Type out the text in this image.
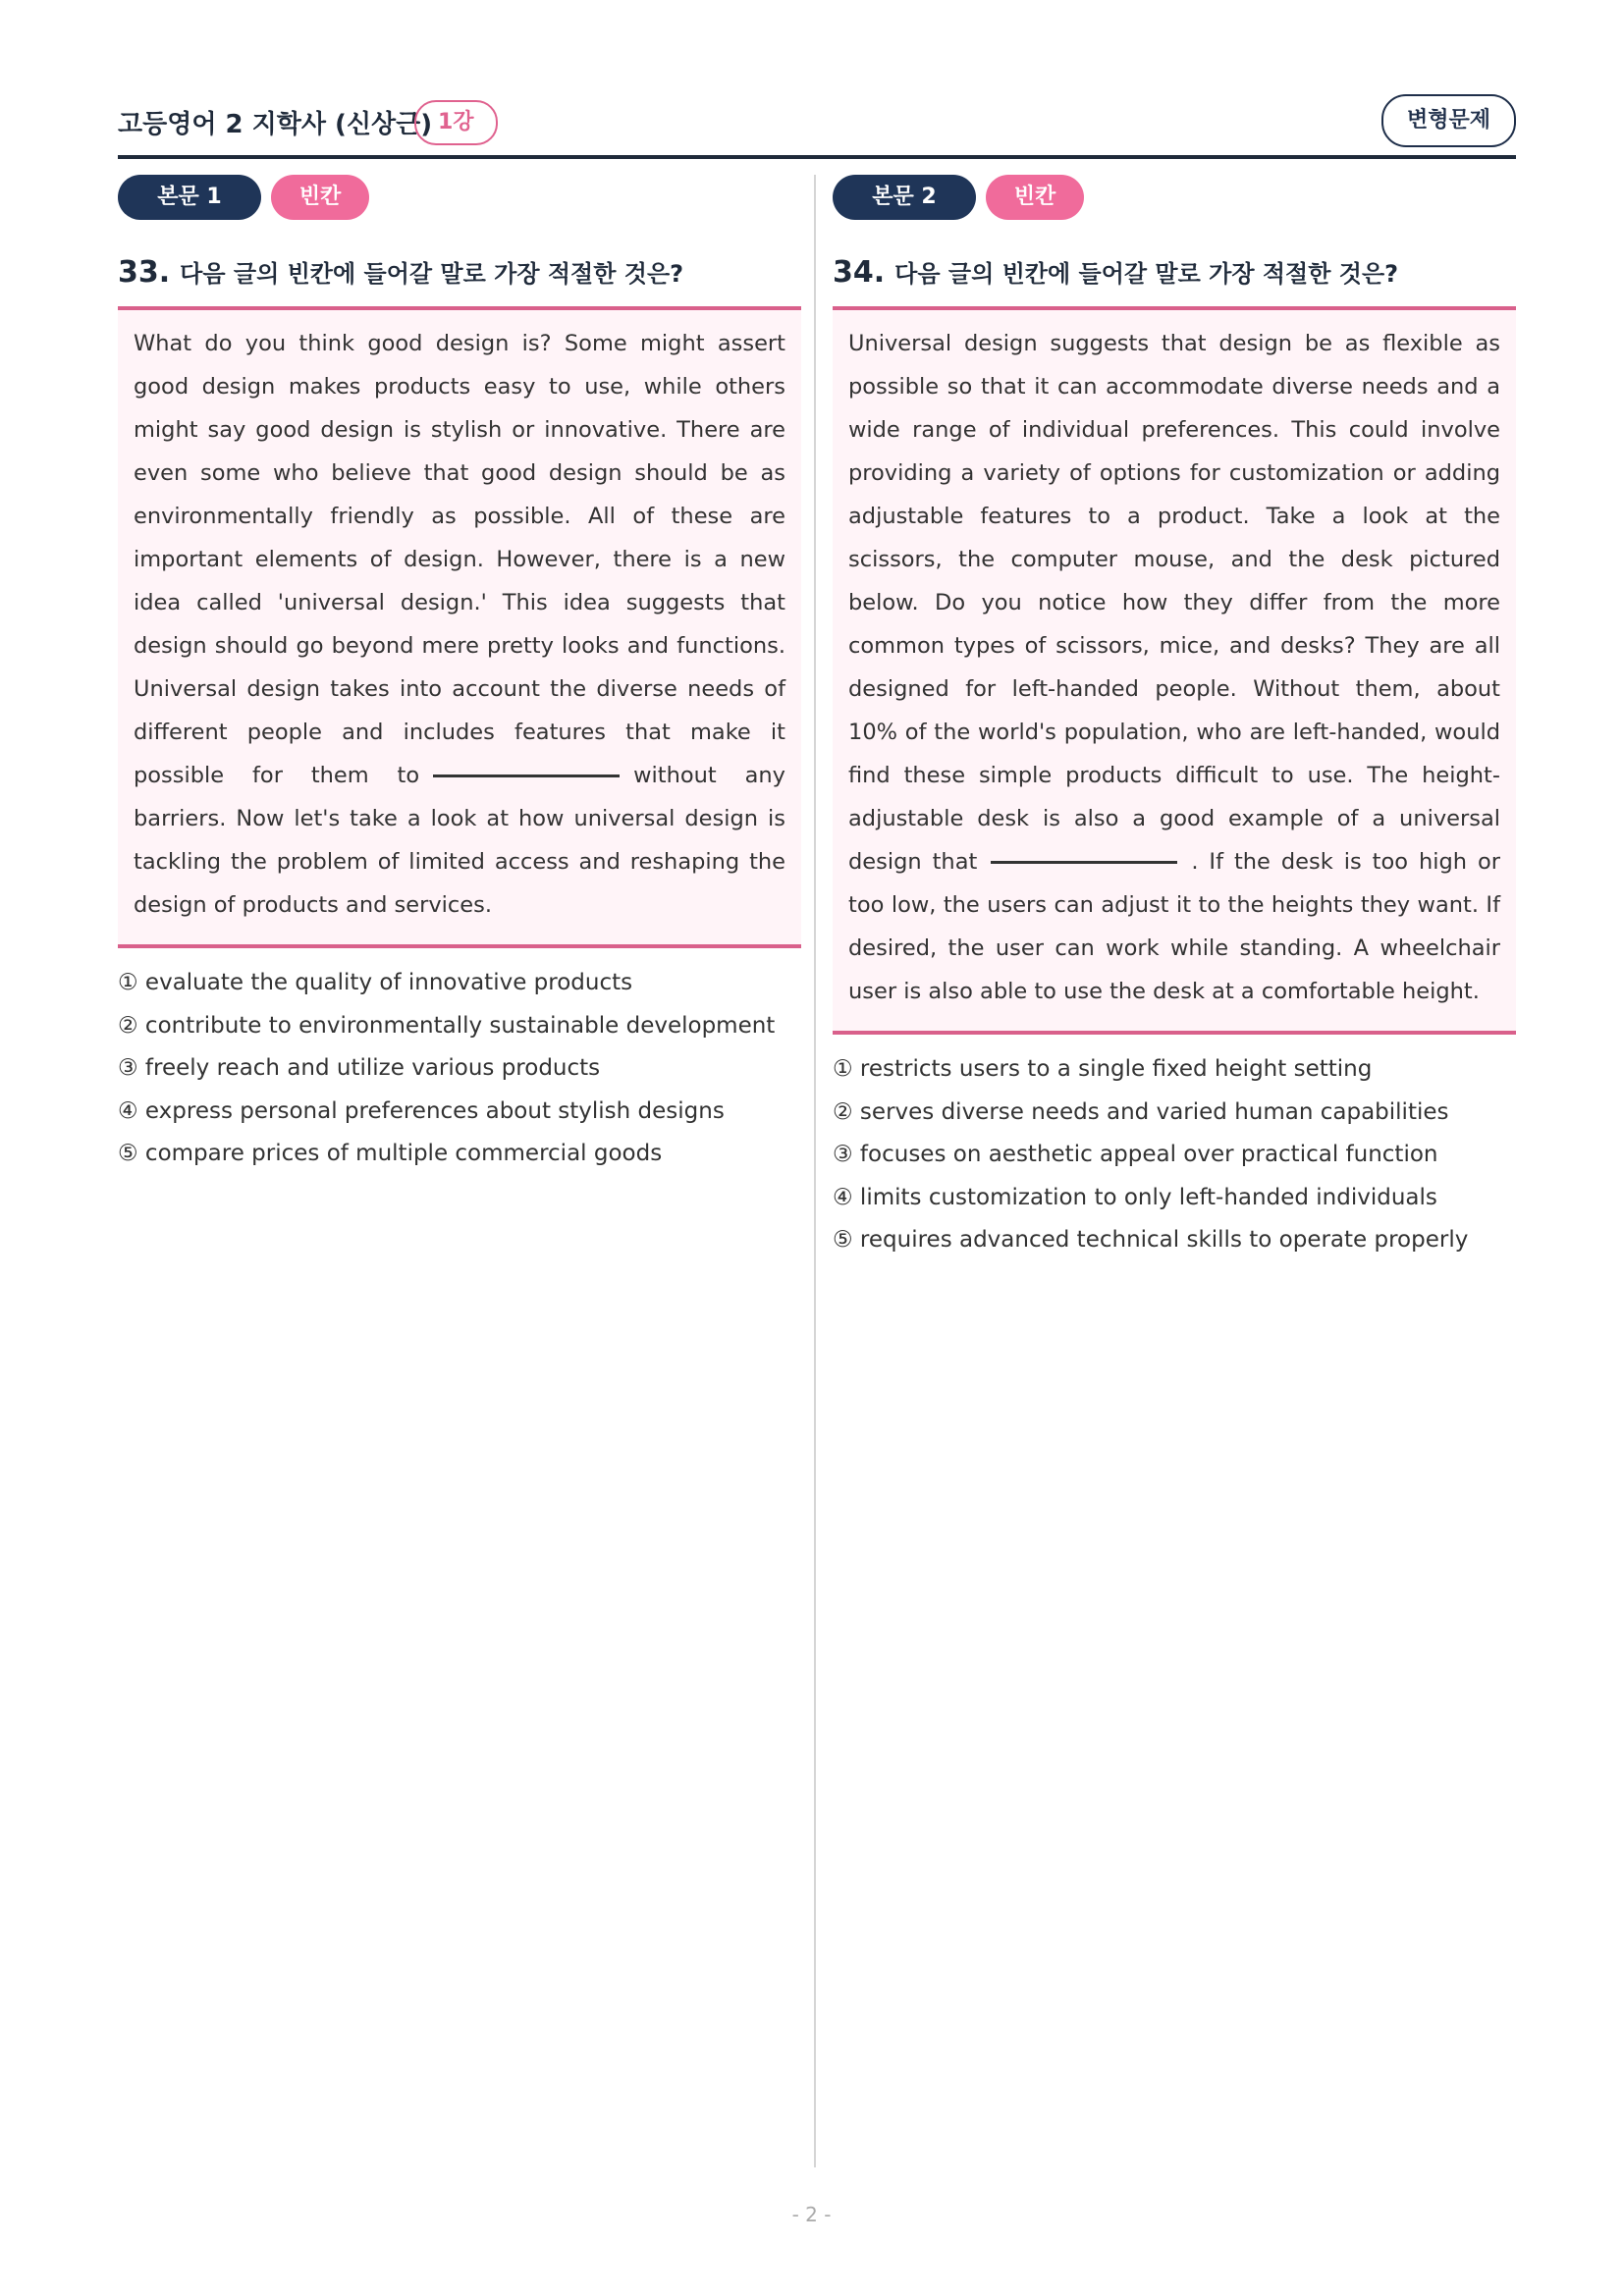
고등영어 2 지학사 (신상근) 1강	변형문제
본문 1	빈칸
33. 다음 글의 빈칸에 들어갈 말로 가장 적절한 것은?
What do you think good design is? Some might assert good design makes products easy to use, while others might say good design is stylish or innovative. There are even some who believe that good design should be as environmentally friendly as possible. All of these are important elements of design. However, there is a new idea called 'universal design.' This idea suggests that design should go beyond mere pretty looks and functions. Universal design takes into account the diverse needs of different people and includes features that make it possible for them to	without any barriers. Now let's take a look at how universal design is tackling the problem of limited access and reshaping the design of products and services.
① evaluate the quality of innovative products
② contribute to environmentally sustainable development
③ freely reach and utilize various products
④ express personal preferences about stylish designs
⑤ compare prices of multiple commercial goods
본문 2	빈칸
34. 다음 글의 빈칸에 들어갈 말로 가장 적절한 것은?
Universal design suggests that design be as flexible as possible so that it can accommodate diverse needs and a wide range of individual preferences. This could involve providing a variety of options for customization or adding adjustable features to a product. Take a look at the scissors, the computer mouse, and the desk pictured below. Do you notice how they differ from the more common types of scissors, mice, and desks? They are all designed for left-handed people. Without them, about 10% of the world's population, who are left-handed, would find these simple products difficult to use. The height-adjustable desk is also a good example of a universal design that	. If the desk is too high or too low, the users can adjust it to the heights they want. If desired, the user can work while standing. A wheelchair user is also able to use the desk at a comfortable height.
① restricts users to a single fixed height setting
② serves diverse needs and varied human capabilities
③ focuses on aesthetic appeal over practical function
④ limits customization to only left-handed individuals
⑤ requires advanced technical skills to operate properly
- 2 -
